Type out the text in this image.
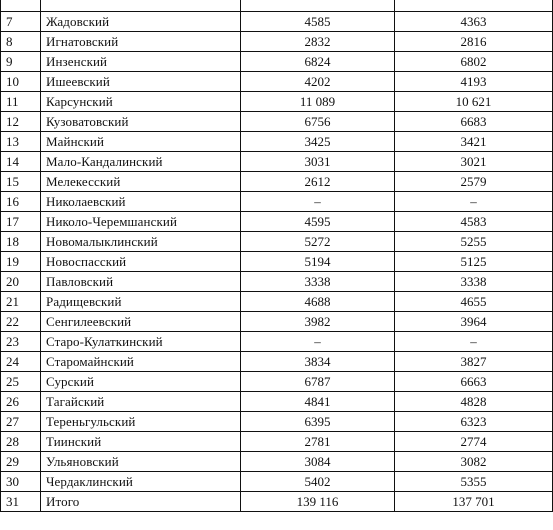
7	Жадовский	4585	4363
8	Игнатовский	2832	2816
9	Инзенский	6824	6802
10	Ишеевский	4202	4193
11	Карсунский	11 089	10 621
12	Кузоватовский	6756	6683
13	Майнский	3425	3421
14	Мало-Кандалинский	3031	3021
15	Мелекесский	2612	2579
16	Николаевский	–	–
17	Николо-Черемшанский	4595	4583
18	Новомалыклинский	5272	5255
19	Новоспасский	5194	5125
20	Павловский	3338	3338
21	Радищевский	4688	4655
22	Сенгилеевский	3982	3964
23	Старо-Кулаткинский	–	–
24	Старомайнский	3834	3827
25	Сурский	6787	6663
26	Тагайский	4841	4828
27	Тереньгульский	6395	6323
28	Тиинский	2781	2774
29	Ульяновский	3084	3082
30	Чердаклинский	5402	5355
31	Итого	139 116	137 701
